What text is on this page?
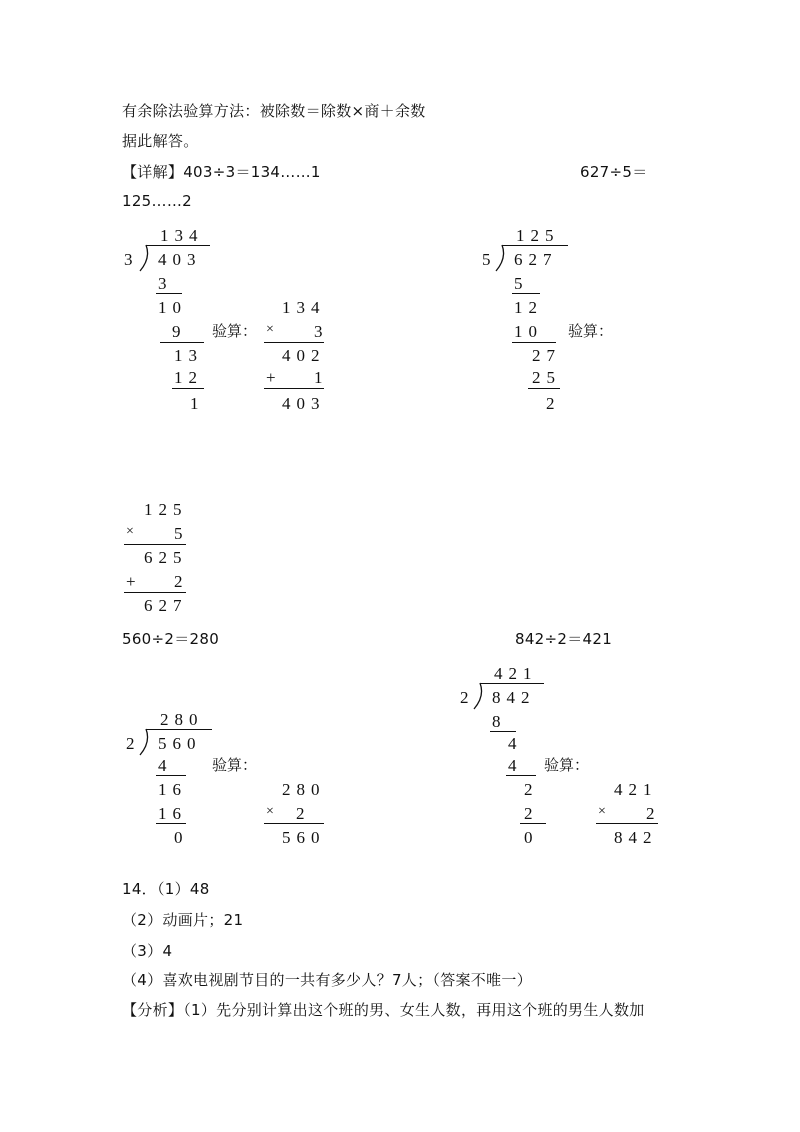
有余除法验算方法：被除数＝除数×商＋余数
据此解答。
【详解】403÷3＝134……1	627÷5＝
125……2
134
3 403
3
10
9
13
12
1
验算：
134
× 3
402
+ 1
403
125
5 627
5
12
10
27
25
2
验算：
125
× 5
625
+ 2
627
560÷2＝280	842÷2＝421
421
2 842
8
4
4
2
2
0
验算：
421
× 2
842
280
2 560
4
16
16
0
验算：
280
× 2
560
14．（1）48
（2）动画片；21
（3）4
（4）喜欢电视剧节目的一共有多少人？7人；（答案不唯一）
【分析】（1）先分别计算出这个班的男、女生人数，再用这个班的男生人数加
